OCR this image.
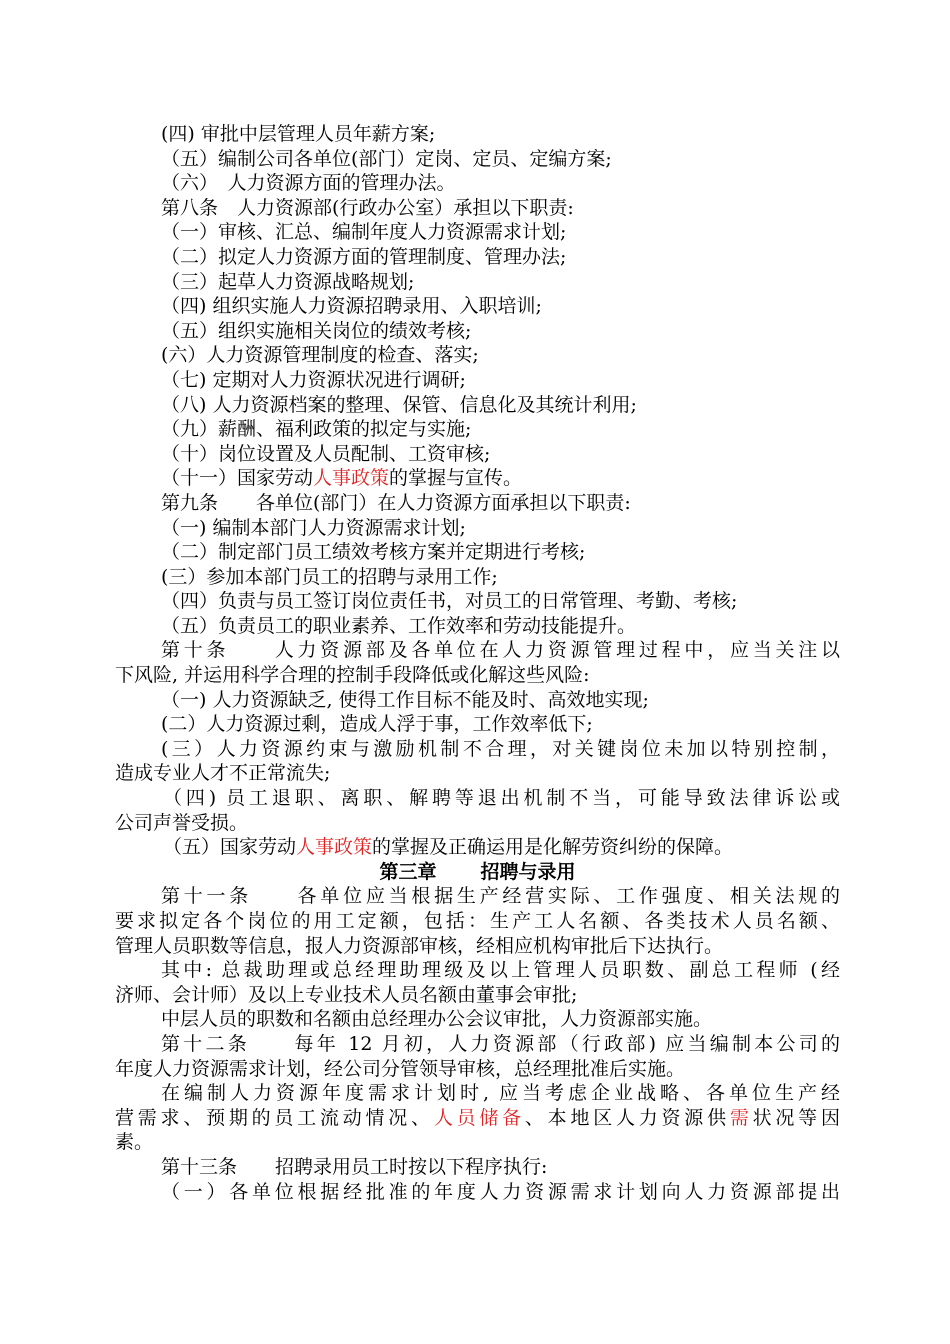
(四) 审批中层管理人员年薪方案;

（五）编制公司各单位(部门）定岗、定员、定编方案;

（六）　人力资源方面的管理办法。

第八条　人力资源部(行政办公室）承担以下职责:

（一）审核、汇总、编制年度人力资源需求计划;

（二）拟定人力资源方面的管理制度、管理办法;

（三）起草人力资源战略规划;

（四) 组织实施人力资源招聘录用、入职培训;

（五）组织实施相关岗位的绩效考核;

(六）人力资源管理制度的检查、落实;

（七) 定期对人力资源状况进行调研;

（八) 人力资源档案的整理、保管、信息化及其统计利用;

（九）薪酬、福利政策的拟定与实施;

（十）岗位设置及人员配制、工资审核;

（十一）国家劳动人事政策的掌握与宣传。

第九条　　各单位(部门）在人力资源方面承担以下职责:

（一) 编制本部门人力资源需求计划;

（二）制定部门员工绩效考核方案并定期进行考核;

(三）参加本部门员工的招聘与录用工作;

（四）负责与员工签订岗位责任书，对员工的日常管理、考勤、考核;

（五）负责员工的职业素养、工作效率和劳动技能提升。

第十条　　人力资源部及各单位在人力资源管理过程中，应当关注以

下风险, 并运用科学合理的控制手段降低或化解这些风险:

（一) 人力资源缺乏, 使得工作目标不能及时、高效地实现;

(二）人力资源过剩，造成人浮于事，工作效率低下;

(三）人力资源约束与激励机制不合理，对关键岗位未加以特别控制，

造成专业人才不正常流失;

（四) 员工退职、离职、解聘等退出机制不当，可能导致法律诉讼或

公司声誉受损。

（五）国家劳动人事政策的掌握及正确运用是化解劳资纠纷的保障。

第三章 招聘与录用

第十一条　　各单位应当根据生产经营实际、工作强度、相关法规的

要求拟定各个岗位的用工定额，包括：生产工人名额、各类技术人员名额、

管理人员职数等信息，报人力资源部审核，经相应机构审批后下达执行。

其中: 总裁助理或总经理助理级及以上管理人员职数、副总工程师 (经

济师、会计师）及以上专业技术人员名额由董事会审批;

中层人员的职数和名额由总经理办公会议审批，人力资源部实施。

第十二条　　每年 12 月初，人力资源部（行政部) 应当编制本公司的

年度人力资源需求计划，经公司分管领导审核，总经理批准后实施。

在编制人力资源年度需求计划时, 应当考虑企业战略、各单位生产经

营需求、预期的员工流动情况、人员储备、本地区人力资源供需状况等因

素。

第十三条　　招聘录用员工时按以下程序执行:

（一）各单位根据经批准的年度人力资源需求计划向人力资源部提出
